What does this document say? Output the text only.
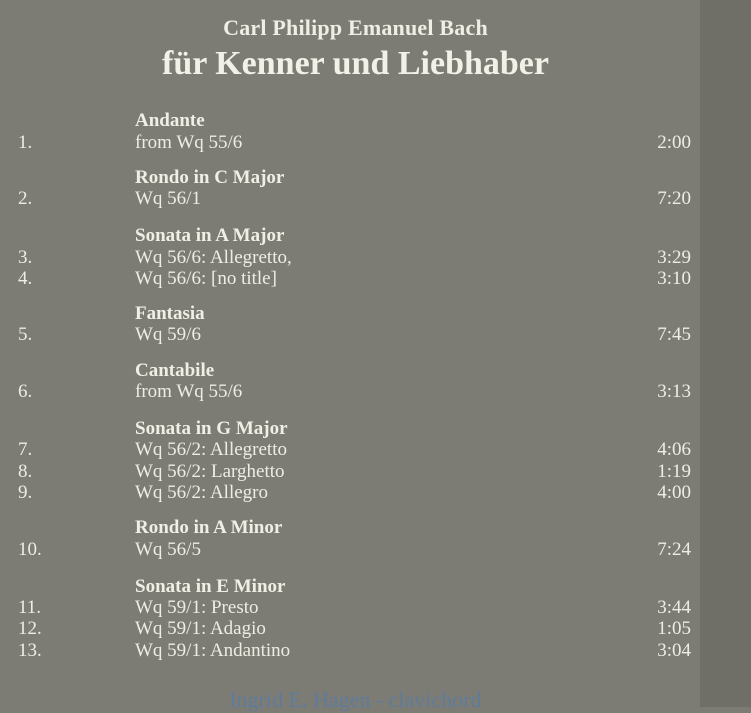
Carl Philipp Emanuel Bach
für Kenner und Liebhaber
Andante
1.	from Wq 55/6	2:00
Rondo in C Major
2.	Wq 56/1	7:20
Sonata in A Major
3.	Wq 56/6: Allegretto,	3:29
4.	Wq 56/6: [no title]	3:10
Fantasia
5.	Wq 59/6	7:45
Cantabile
6.	from Wq 55/6	3:13
Sonata in G Major
7.	Wq 56/2: Allegretto	4:06
8.	Wq 56/2: Larghetto	1:19
9.	Wq 56/2: Allegro	4:00
Rondo in A Minor
10.	Wq 56/5	7:24
Sonata in E Minor
11.	Wq 59/1: Presto	3:44
12.	Wq 59/1: Adagio	1:05
13.	Wq 59/1: Andantino	3:04
Ingrid E. Hagen - clavichord
